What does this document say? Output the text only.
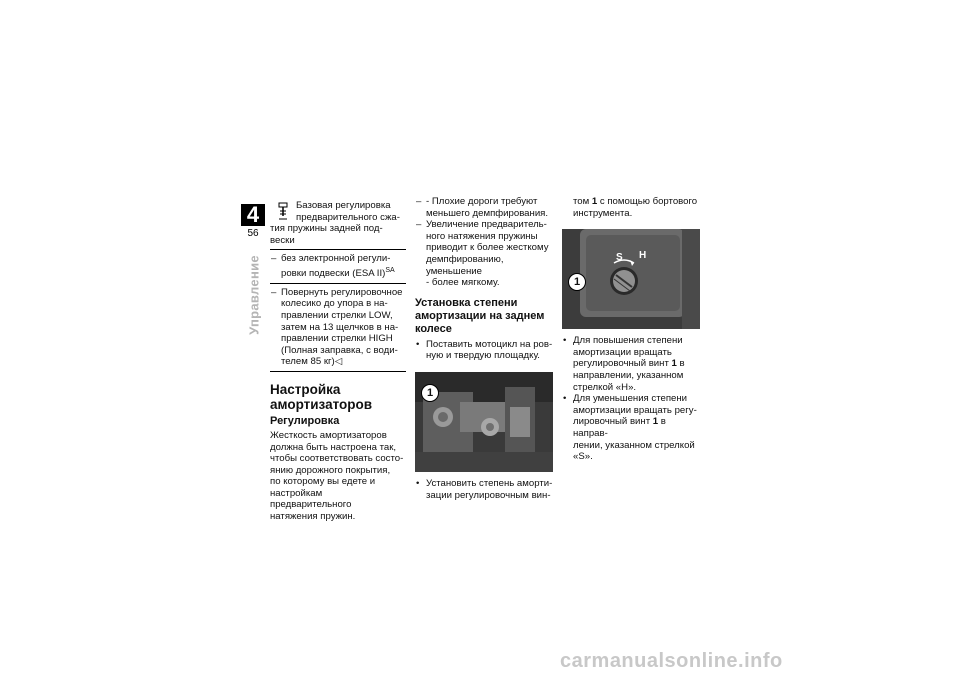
4
56
Управление
Базовая регулировка
предварительного сжа-
тия пружины задней под-
вески
– без электронной регули-
ровки подвески (ESA II)$^{SA}$
– Повернуть регулировочное
колесико до упора в на-
правлении стрелки LOW,
затем на 13 щелчков в на-
правлении стрелки HIGH
(Полная заправка, с води-
телем 85 кг)◁
Настройка
амортизаторов
Регулировка
Жесткость амортизаторов
должна быть настроена так,
чтобы соответствовать состо-
янию дорожного покрытия,
по которому вы едете и
настройкам предварительного
натяжения пружин.
– - Плохие дороги требуют
меньшего демпфирования.
– Увеличение предваритель-
ного натяжения пружины
приводит к более жесткому
демпфированию, уменьшение
- более мягкому.
Установка степени
амортизации на заднем
колесе
• Поставить мотоцикл на ров-
ную и твердую площадку.
1
• Установить степень аморти-
зации регулировочным вин-
том 1 с помощью бортового
инструмента.
S H
1
• Для повышения степени
амортизации вращать
регулировочный винт 1 в
направлении, указанном
стрелкой «H».
• Для уменьшения степени
амортизации вращать регу-
лировочный винт 1 в направ-
лении, указанном стрелкой
«S».
carmanualsonline.info
